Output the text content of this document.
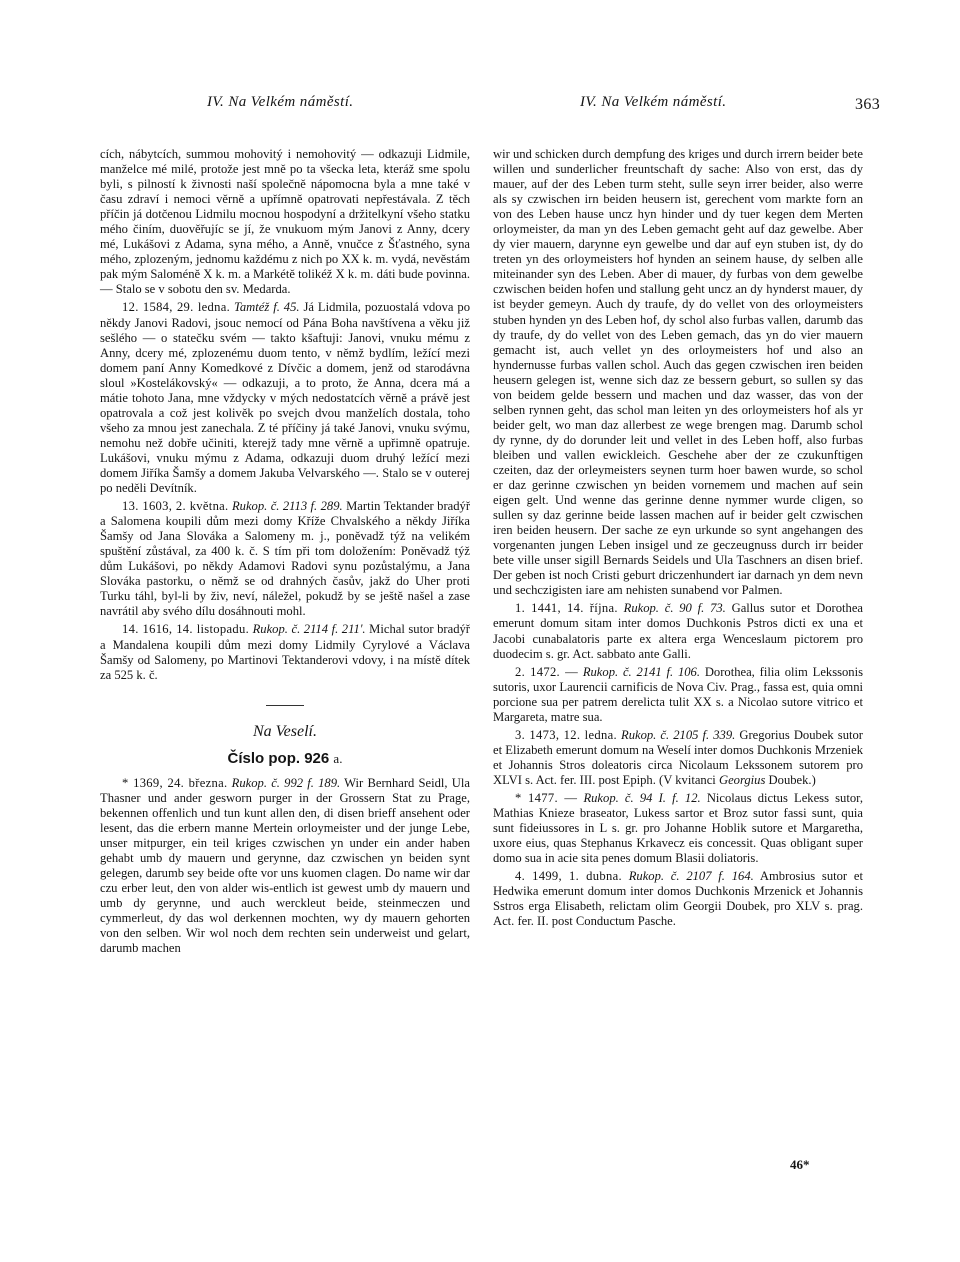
IV. Na Velkém náměstí.	IV. Na Velkém náměstí.	363

cích, nábytcích, summou mohovitý i nemohovitý — odkazuji Lidmile, manželce mé milé, protože jest mně po ta všecka leta, kteráž sme spolu byli, s pilností k živnosti naší společně nápomocna byla a mne také v času zdraví i nemoci věrně a upřímně opatrovati nepřestávala. Z těch příčin já dotčenou Lidmilu mocnou hospodyní a držitelkyní všeho statku mého činím, duověřujíc se jí, že vnukuom mým Janovi z Anny, dcery mé, Lukášovi z Adama, syna mého, a Anně, vnučce z Šťastného, syna mého, zplozeným, jednomu každému z nich po XX k. m. vydá, nevěstám pak mým Saloméně X k. m. a Markétě tolikéž X k. m. dáti bude povinna. — Stalo se v sobotu den sv. Medarda.

12. 1584, 29. ledna. Tamtéž f. 45. Já Lidmila, pozuostalá vdova po někdy Janovi Radovi, jsouc nemocí od Pána Boha navštívena a věku již sešlého — o statečku svém — takto kšaftuji: Janovi, vnuku mému z Anny, dcery mé, zplozenému duom tento, v němž bydlím, ležící mezi domem paní Anny Komedkové z Dívčic a domem, jenž od starodávna sloul »Kostelákovský« — odkazuji, a to proto, že Anna, dcera má a mátie tohoto Jana, mne vždycky v mých nedostatcích věrně a právě jest opatrovala a což jest kolivěk po svejch dvou manželích dostala, toho všeho za mnou jest zanechala. Z té příčiny já také Janovi, vnuku svýmu, nemohu než dobře učiniti, kterejž tady mne věrně a upřimně opatruje. Lukášovi, vnuku mýmu z Adama, odkazuji duom druhý ležící mezi domem Jiříka Šamšy a domem Jakuba Velvarského —. Stalo se v outerej po neděli Devítník.

13. 1603, 2. května. Rukop. č. 2113 f. 289. Martin Tektander bradýř a Salomena koupili dům mezi domy Kříže Chvalského a někdy Jiříka Šamšy od Jana Slováka a Salomeny m. j., poněvadž týž na velikém spuštění zůstával, za 400 k. č. S tím při tom doložením: Poněvadž týž dům Lukášovi, po někdy Adamovi Radovi synu pozůstalýmu, a Jana Slováka pastorku, o němž se od drahných časův, jakž do Uher proti Turku táhl, byl-li by živ, neví, náležel, pokudž by se ještě našel a zase navrátil aby svého dílu dosáhnouti mohl.

14. 1616, 14. listopadu. Rukop. č. 2114 f. 211'. Michal sutor bradýř a Mandalena koupili dům mezi domy Lidmily Cyrylové a Václava Šamšy od Salomeny, po Martinovi Tektanderovi vdovy, i na místě dítek za 525 k. č.

Na Veselí.
Číslo pop. 926 a.

* 1369, 24. března. Rukop. č. 992 f. 189. Wir Bernhard Seidl, Ula Thasner und ander gesworn purger in der Grossern Stat zu Prage, bekennen offenlich und tun kunt allen den, di disen brieff ansehent oder lesent, das die erbern manne Mertein orloymeister und der junge Lebe, unser mitpurger, ein teil kriges czwischen yn under ein ander haben gehabt umb dy mauern und gerynne, daz czwischen yn beiden synt gelegen, darumb sey beide ofte vor uns kuomen clagen. Do name wir dar czu erber leut, den von alder wis-entlich ist gewest umb dy mauern und umb dy gerynne, und auch werckleut beide, steinmeczen und cymmerleut, dy das wol derkennen mochten, wy dy mauern gehorten von den selben. Wir wol noch dem rechten sein underweist und gelart, darumb machen

wir und schicken durch dempfung des kriges und durch irrern beider bete willen und sunderlicher freuntschaft dy sache: Also von erst, das dy mauer, auf der des Leben turm steht, sulle seyn irrer beider, also werre als sy czwischen irn beiden heusern ist, gerechent vom markte forn an von des Leben hause uncz hyn hinder und dy tuer kegen dem Merten orloymeister, da man yn des Leben gemacht geht auf daz gewelbe. Aber dy vier mauern, darynne eyn gewelbe und dar auf eyn stuben ist, dy do treten yn des orloymeisters hof hynden an seinem hause, dy selben alle miteinander syn des Leben. Aber di mauer, dy furbas von dem gewelbe czwischen beiden hofen und stallung geht uncz an dy hynderst mauer, dy ist beyder gemeyn. Auch dy traufe, dy do vellet von des orloymeisters stuben hynden yn des Leben hof, dy schol also furbas vallen, darumb das dy traufe, dy do vellet von des Leben gemach, das yn do vier mauern gemacht ist, auch vellet yn des orloymeisters hof und also an hyndernusse furbas vallen schol. Auch das gegen czwischen iren beiden heusern gelegen ist, wenne sich daz ze bessern geburt, so sullen sy das von beidem gelde bessern und machen und daz wasser, das von der selben rynnen geht, das schol man leiten yn des orloymeisters hof als yr beider gelt, wo man daz allerbest ze wege brengen mag. Darumb schol dy rynne, dy do dorunder leit und vellet in des Leben hoff, also furbas bleiben und vallen ewickleich. Geschehe aber der ze czukunftigen czeiten, daz der orleymeisters seynen turm hoer bawen wurde, so schol er daz gerinne czwischen yn beiden vornemem und machen auf sein eigen gelt. Und wenne das gerinne denne nymmer wurde cligen, so sullen sy daz gerinne beide lassen machen auf ir beider gelt czwischen iren beiden heusern. Der sache ze eyn urkunde so synt angehangen des vorgenanten jungen Leben insigel und ze geczeugnuss durch irr beider bete ville unser sigill Bernards Seidels und Ula Taschners an disen brief. Der geben ist noch Cristi geburt driczenhundert iar darnach yn dem nevn und sechczigisten iare am nehisten sunabend vor Palmen.

1. 1441, 14. října. Rukop. č. 90 f. 73. Gallus sutor et Dorothea emerunt domum sitam inter domos Duchkonis Pstros dicti ex una et Jacobi cunabalatoris parte ex altera erga Wenceslaum pictorem pro duodecim s. gr. Act. sabbato ante Galli.

2. 1472. — Rukop. č. 2141 f. 106. Dorothea, filia olim Lekssonis sutoris, uxor Laurencii carnificis de Nova Civ. Prag., fassa est, quia omni porcione sua per patrem derelicta tulit XX s. a Nicolao sutore vitrico et Margareta, matre sua.

3. 1473, 12. ledna. Rukop. č. 2105 f. 339. Gregorius Doubek sutor et Elizabeth emerunt domum na Weselí inter domos Duchkonis Mrzeniek et Johannis Stros doleatoris circa Nicolaum Lekssonem sutorem pro XLVI s. Act. fer. III. post Epiph. (V kvitanci Georgius Doubek.)

* 1477. — Rukop. č. 94 I. f. 12. Nicolaus dictus Lekess sutor, Mathias Knieze braseator, Lukess sartor et Broz sutor fassi sunt, quia sunt fideiussores in L s. gr. pro Johanne Hoblik sutore et Margaretha, uxore eius, quas Stephanus Krkavecz eis concessit. Quas obligant super domo sua in acie sita penes domum Blasii doliatoris.

4. 1499, 1. dubna. Rukop. č. 2107 f. 164. Ambrosius sutor et Hedwika emerunt domum inter domos Duchkonis Mrzenick et Johannis Sstros erga Elisabeth, relictam olim Georgii Doubek, pro XLV s. prag. Act. fer. II. post Conductum Pasche.

46*
